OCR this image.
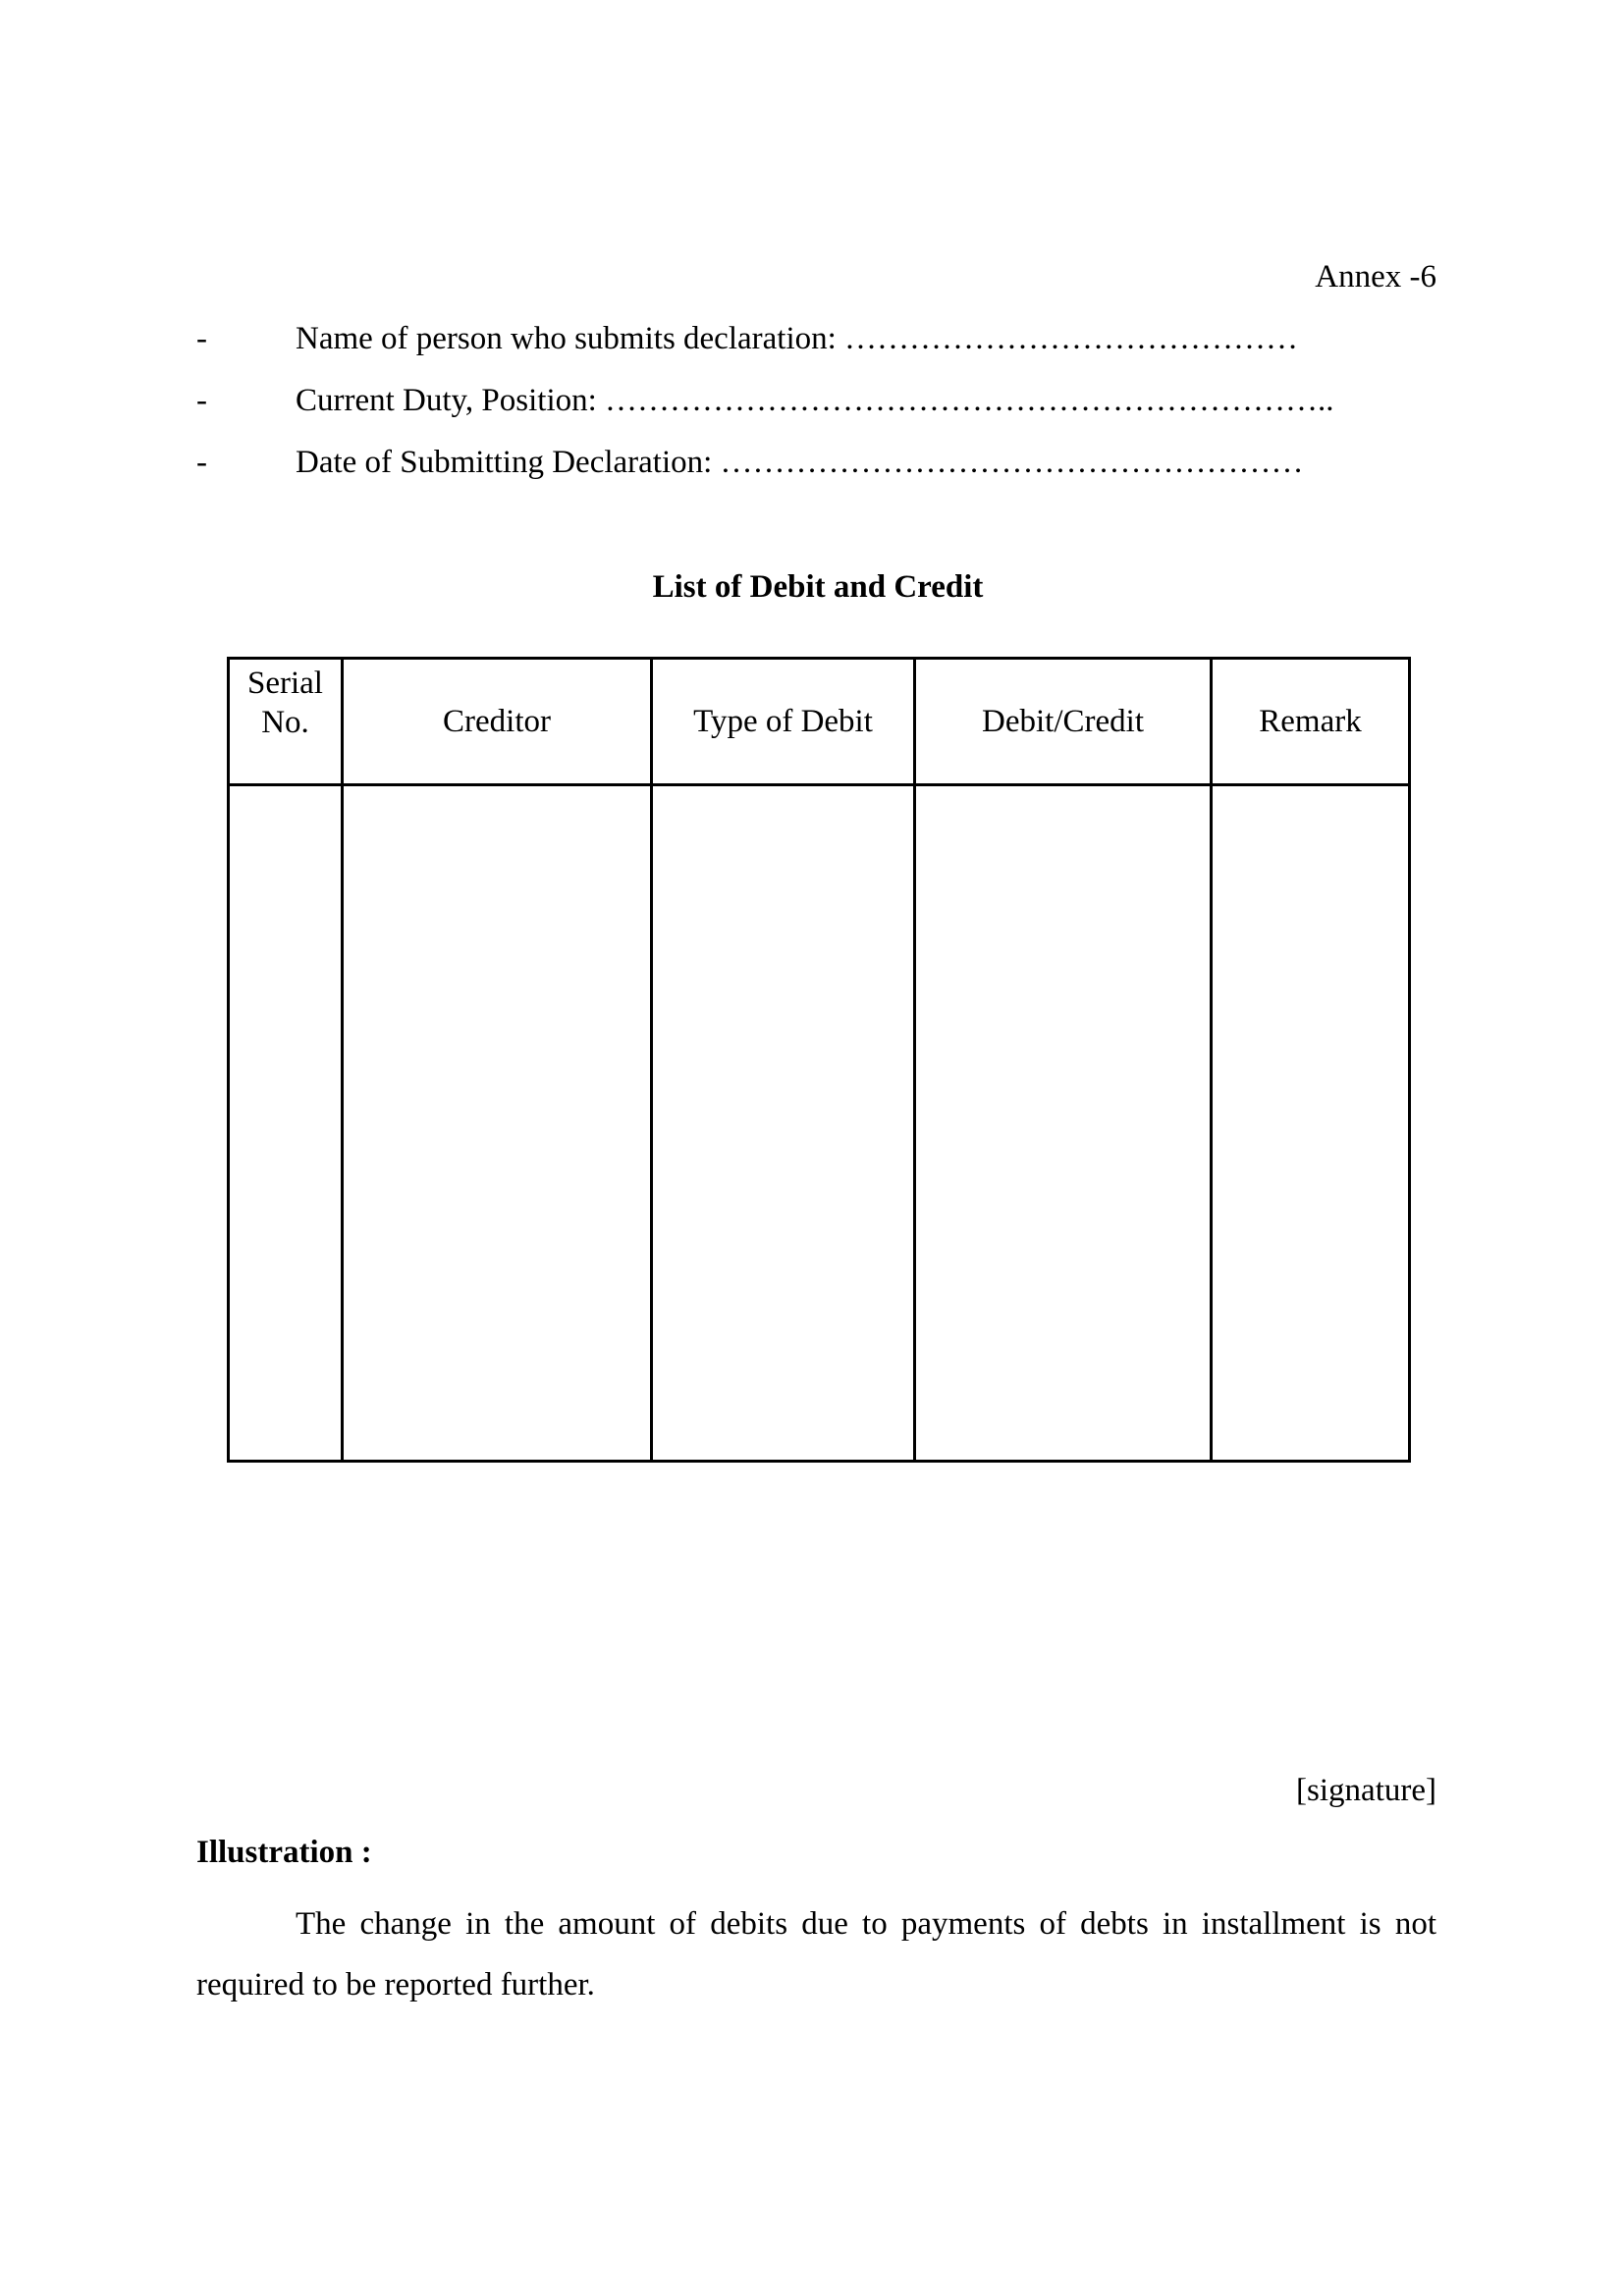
Annex -6
-	Name of person who submits declaration: ……………………………………
-	Current Duty, Position: …………………………………………………………..
-	Date of Submitting Declaration: ………………………………………………
List of Debit and Credit
Serial
No.	Creditor	Type of Debit	Debit/Credit	Remark

[signature]
Illustration :

The change in the amount of debits due to payments of debts in installment is not required to be reported further.
